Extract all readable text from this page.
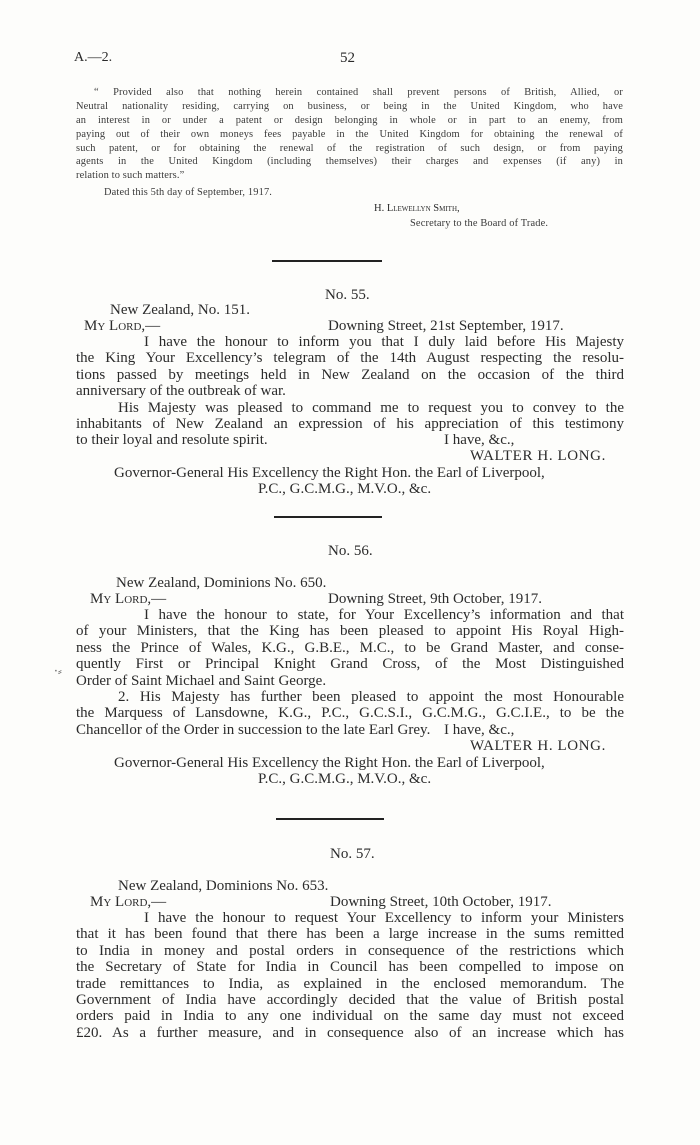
A.—2.	52
“ Provided also that nothing herein contained shall prevent persons of British, Allied, or
Neutral nationality residing, carrying on business, or being in the United Kingdom, who have
an interest in or under a patent or design belonging in whole or in part to an enemy, from
paying out of their own moneys fees payable in the United Kingdom for obtaining the renewal of
such patent, or for obtaining the renewal of the registration of such design, or from paying
agents in the United Kingdom (including themselves) their charges and expenses (if any) in
relation to such matters.”
Dated this 5th day of September, 1917.
H. Llewellyn Smith,
Secretary to the Board of Trade.
No. 55.
New Zealand, No. 151.
My Lord,—	Downing Street, 21st September, 1917.
I have the honour to inform you that I duly laid before His Majesty
the King Your Excellency’s telegram of the 14th August respecting the resolu-
tions passed by meetings held in New Zealand on the occasion of the third
anniversary of the outbreak of war.
His Majesty was pleased to command me to request you to convey to the
inhabitants of New Zealand an expression of his appreciation of this testimony
to their loyal and resolute spirit.	I have, &c.,
WALTER H. LONG.
Governor-General His Excellency the Right Hon. the Earl of Liverpool,
P.C., G.C.M.G., M.V.O., &c.
No. 56.
New Zealand, Dominions No. 650.
My Lord,—	Downing Street, 9th October, 1917.
I have the honour to state, for Your Excellency’s information and that
of your Ministers, that the King has been pleased to appoint His Royal High-
ness the Prince of Wales, K.G., G.B.E., M.C., to be Grand Master, and conse-
quently First or Principal Knight Grand Cross, of the Most Distinguished
Order of Saint Michael and Saint George.
2. His Majesty has further been pleased to appoint the most Honourable
the Marquess of Lansdowne, K.G., P.C., G.C.S.I., G.C.M.G., G.C.I.E., to be the
Chancellor of the Order in succession to the late Earl Grey.
‧⸗
I have, &c.,
WALTER H. LONG.
Governor-General His Excellency the Right Hon. the Earl of Liverpool,
P.C., G.C.M.G., M.V.O., &c.
No. 57.
New Zealand, Dominions No. 653.
My Lord,—	Downing Street, 10th October, 1917.
I have the honour to request Your Excellency to inform your Ministers
that it has been found that there has been a large increase in the sums remitted
to India in money and postal orders in consequence of the restrictions which
the Secretary of State for India in Council has been compelled to impose on
trade remittances to India, as explained in the enclosed memorandum. The
Government of India have accordingly decided that the value of British postal
orders paid in India to any one individual on the same day must not exceed
£20. As a further measure, and in consequence also of an increase which has
